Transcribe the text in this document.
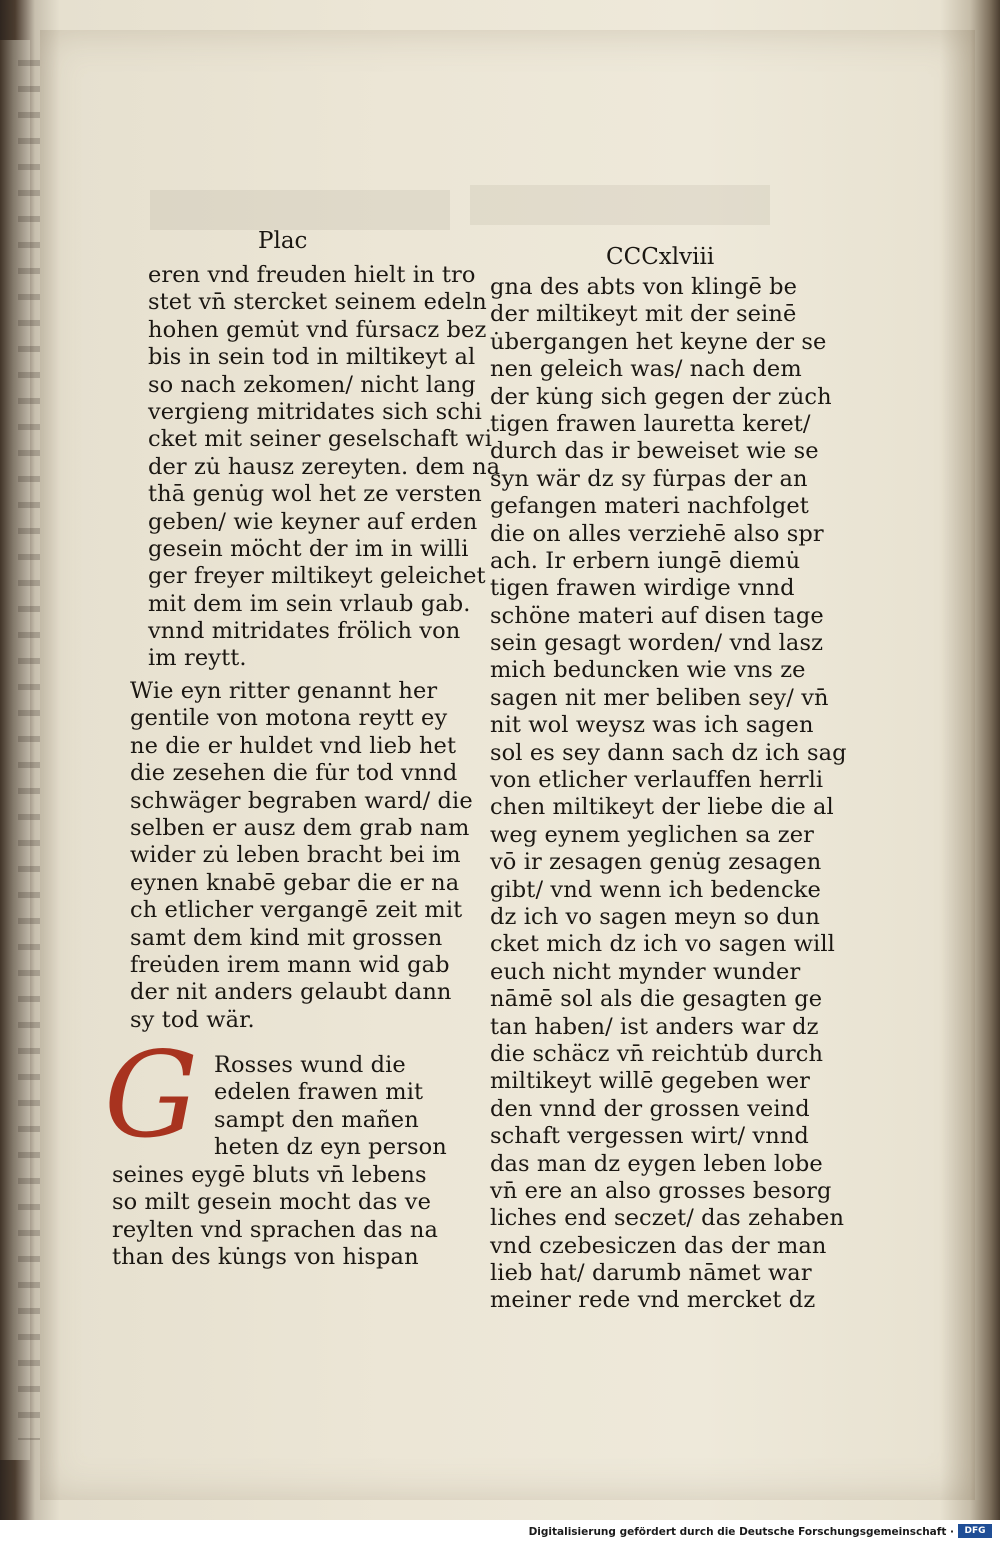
Plac
CCCxlviii
eren vnd freuden hielt in tro
stet vn̄ stercket seinem edeln
hohen gemu̇t vnd fu̇rsacz bez
bis in sein tod in miltikeyt al
so nach zekomen/ nicht lang
vergieng mitridates sich schi
cket mit seiner geselschaft wi
der zu̇ hausz zereyten. dem na
thā genu̇g wol het ze versten
geben/ wie keyner auf erden
gesein möcht der im in willi
ger freyer miltikeyt geleichet
mit dem im sein vrlaub gab.
vnnd mitridates frölich von
im reytt.
Wie eyn ritter genannt her
gentile von motona reytt ey
ne die er huldet vnd lieb het
die zesehen die fu̇r tod vnnd
schwäger begraben ward/ die
selben er ausz dem grab nam
wider zu̇ leben bracht bei im
eynen knabē gebar die er na
ch etlicher vergangē zeit mit
samt dem kind mit grossen
freu̇den irem mann wid gab
der nit anders gelaubt dann
sy tod wär.
G Rosses wund die
edelen frawen mit
sampt den mañen
heten dz eyn person
seines eygē bluts vn̄ lebens
so milt gesein mocht das ve
reylten vnd sprachen das na
than des ku̇ngs von hispan
gna des abts von klingē be
der miltikeyt mit der seinē
u̇bergangen het keyne der se
nen geleich was/ nach dem
der ku̇ng sich gegen der zu̇ch
tigen frawen lauretta keret/
durch das ir beweiset wie se
syn wär dz sy fu̇rpas der an
gefangen materi nachfolget
die on alles verziehē also spr
ach. Ir erbern iungē diemu̇
tigen frawen wirdige vnnd
schöne materi auf disen tage
sein gesagt worden/ vnd lasz
mich beduncken wie vns ze
sagen nit mer beliben sey/ vn̄
nit wol weysz was ich sagen
sol es sey dann sach dz ich sag
von etlicher verlauffen herrli
chen miltikeyt der liebe die al
weg eynem yeglichen sa zer
vō ir zesagen genu̇g zesagen
gibt/ vnd wenn ich bedencke
dz ich vo sagen meyn so dun
cket mich dz ich vo sagen will
euch nicht mynder wunder
nāmē sol als die gesagten ge
tan haben/ ist anders war dz
die schäcz vn̄ reichtu̇b durch
miltikeyt willē gegeben wer
den vnnd der grossen veind
schaft vergessen wirt/ vnnd
das man dz eygen leben lobe
vn̄ ere an also grosses besorg
liches end seczet/ das zehaben
vnd czebesiczen das der man
lieb hat/ darumb nāmet war
meiner rede vnd mercket dz
Digitalisierung gefördert durch die Deutsche Forschungsgemeinschaft ·	DFG
